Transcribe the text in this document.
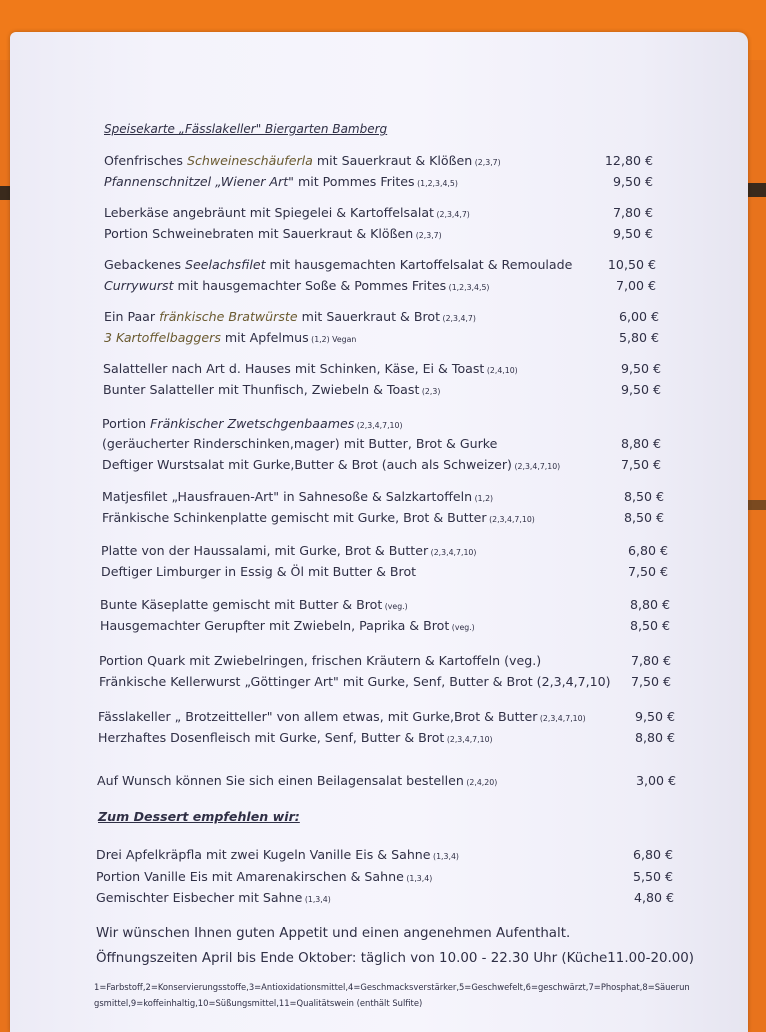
Speisekarte „Fässlakeller" Biergarten Bamberg
Ofenfrisches Schweineschäuferla mit Sauerkraut & Klößen (2,3,7)	12,80 €
Pfannenschnitzel „Wiener Art" mit Pommes Frites (1,2,3,4,5)	9,50 €
Leberkäse angebräunt mit Spiegelei & Kartoffelsalat (2,3,4,7)	7,80 €
Portion Schweinebraten mit Sauerkraut & Klößen (2,3,7)	9,50 €
Gebackenes Seelachsfilet mit hausgemachten Kartoffelsalat & Remoulade	10,50 €
Currywurst mit hausgemachter Soße & Pommes Frites (1,2,3,4,5)	7,00 €
Ein Paar fränkische Bratwürste mit Sauerkraut & Brot (2,3,4,7)	6,00 €
3 Kartoffelbaggers mit Apfelmus (1,2) Vegan	5,80 €
Salatteller nach Art d. Hauses mit Schinken, Käse, Ei & Toast (2,4,10)	9,50 €
Bunter Salatteller mit Thunfisch, Zwiebeln & Toast (2,3)	9,50 €
Portion Fränkischer Zwetschgenbaames (2,3,4,7,10)
(geräucherter Rinderschinken,mager) mit Butter, Brot & Gurke	8,80 €
Deftiger Wurstsalat mit Gurke,Butter & Brot (auch als Schweizer) (2,3,4,7,10)	7,50 €
Matjesfilet „Hausfrauen-Art" in Sahnesoße & Salzkartoffeln (1,2)	8,50 €
Fränkische Schinkenplatte gemischt mit Gurke, Brot & Butter (2,3,4,7,10)	8,50 €
Platte von der Haussalami, mit Gurke, Brot & Butter (2,3,4,7,10)	6,80 €
Deftiger Limburger in Essig & Öl mit Butter & Brot	7,50 €
Bunte Käseplatte gemischt mit Butter & Brot (veg.)	8,80 €
Hausgemachter Gerupfter mit Zwiebeln, Paprika & Brot (veg.)	8,50 €
Portion Quark mit Zwiebelringen, frischen Kräutern & Kartoffeln (veg.)	7,80 €
Fränkische Kellerwurst „Göttinger Art" mit Gurke, Senf, Butter & Brot (2,3,4,7,10)	7,50 €
Fässlakeller „ Brotzeitteller" von allem etwas, mit Gurke,Brot & Butter (2,3,4,7,10)	9,50 €
Herzhaftes Dosenfleisch mit Gurke, Senf, Butter & Brot (2,3,4,7,10)	8,80 €
Auf Wunsch können Sie sich einen Beilagensalat bestellen (2,4,20)	3,00 €
Zum Dessert empfehlen wir:
Drei Apfelkräpfla mit zwei Kugeln Vanille Eis & Sahne (1,3,4)	6,80 €
Portion Vanille Eis mit Amarenakirschen & Sahne (1,3,4)	5,50 €
Gemischter Eisbecher mit Sahne (1,3,4)	4,80 €
Wir wünschen Ihnen guten Appetit und einen angenehmen Aufenthalt.
Öffnungszeiten April bis Ende Oktober: täglich von 10.00 - 22.30 Uhr (Küche11.00-20.00)
1=Farbstoff,2=Konservierungsstoffe,3=Antioxidationsmittel,4=Geschmacksverstärker,5=Geschwefelt,6=geschwärzt,7=Phosphat,8=Säuerun
gsmittel,9=koffeinhaltig,10=Süßungsmittel,11=Qualitätswein (enthält Sulfite)
